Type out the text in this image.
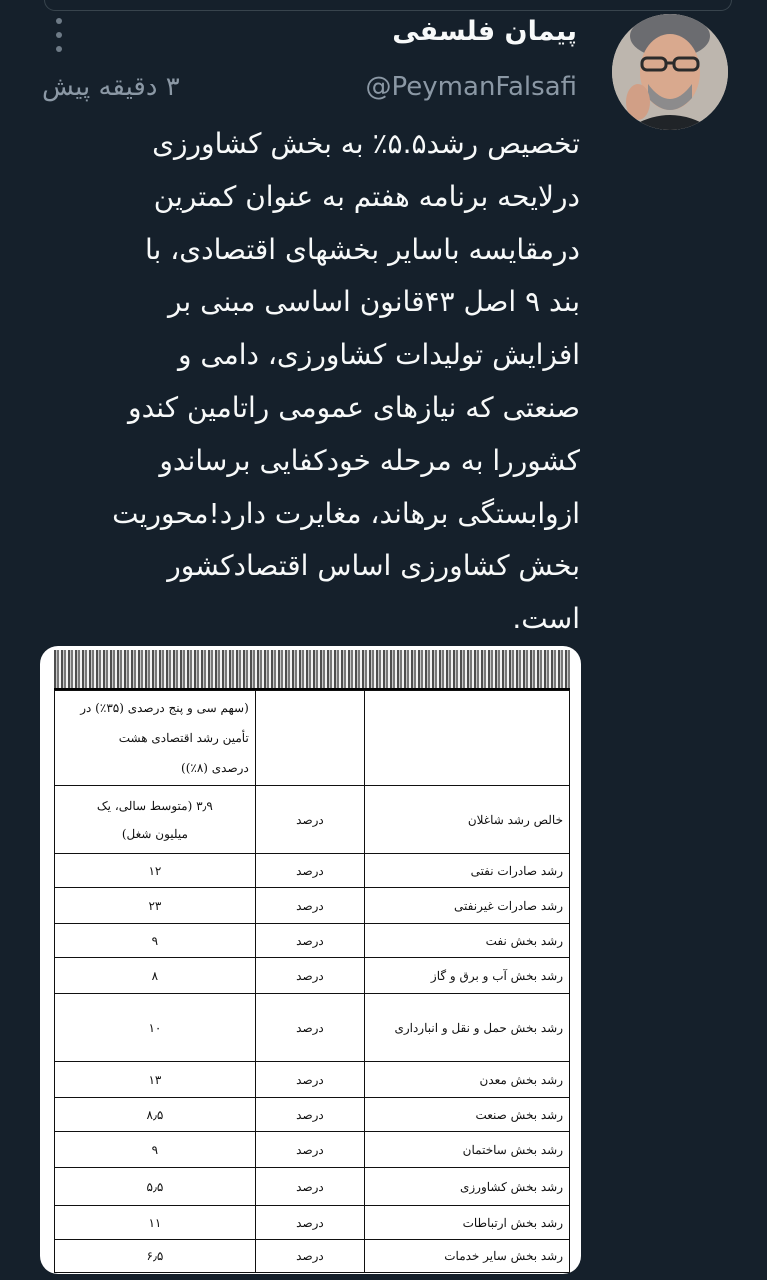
پیمان فلسفی
@PeymanFalsafi
۳ دقیقه پیش
تخصیص رشد۵.۵٪ به بخش کشاورزی
درلایحه برنامه هفتم به عنوان کمترین
درمقایسه باسایر بخشهای اقتصادی، با
بند ۹ اصل ۴۳قانون اساسی مبنی بر
افزایش تولیدات کشاورزی، دامی و
صنعتی که نیازهای عمومی راتامین کندو
کشوررا به مرحله خودکفایی برساندو
ازوابستگی برهاند، مغایرت دارد!محوریت
بخش کشاورزی اساس اقتصادکشور
است.
(سهم سی و پنج درصدی (۳۵٪) در تأمین رشد اقتصادی هشت
درصدی (۸٪))		

۳٫۹ (متوسط سالی، یک
میلیون شغل)	درصد	خالص رشد شاغلان
۱۲	درصد	رشد صادرات نفتی
۲۳	درصد	رشد صادرات غیرنفتی
۹	درصد	رشد بخش نفت
۸	درصد	رشد بخش آب و برق و گاز
۱۰	درصد	رشد بخش حمل و نقل و انبارداری
۱۳	درصد	رشد بخش معدن
۸٫۵	درصد	رشد بخش صنعت
۹	درصد	رشد بخش ساختمان
۵٫۵	درصد	رشد بخش کشاورزی
۱۱	درصد	رشد بخش ارتباطات
۶٫۵	درصد	رشد بخش سایر خدمات
